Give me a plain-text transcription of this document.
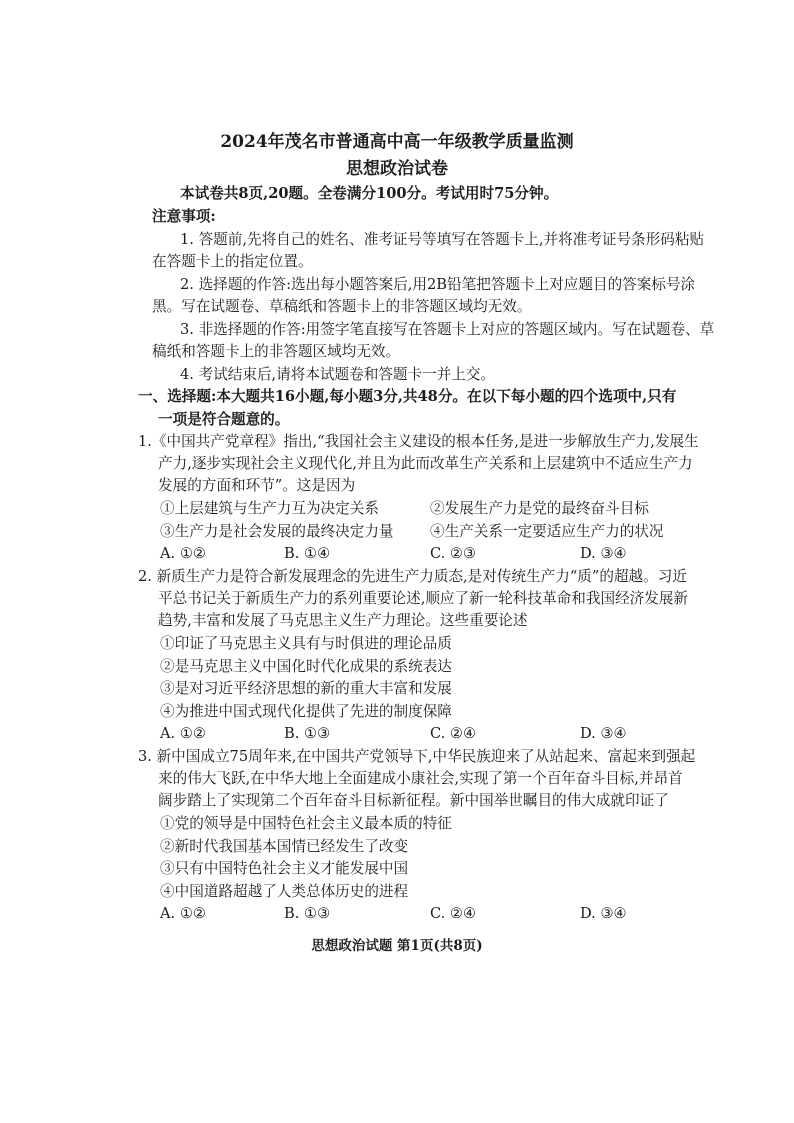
2024年茂名市普通高中高一年级教学质量监测
思想政治试卷
本试卷共8页,20题。全卷满分100分。考试用时75分钟。
注意事项:
1. 答题前,先将自己的姓名、准考证号等填写在答题卡上,并将准考证号条形码粘贴
在答题卡上的指定位置。
2. 选择题的作答:选出每小题答案后,用2B铅笔把答题卡上对应题目的答案标号涂
黑。写在试题卷、草稿纸和答题卡上的非答题区域均无效。
3. 非选择题的作答:用签字笔直接写在答题卡上对应的答题区域内。写在试题卷、草
稿纸和答题卡上的非答题区域均无效。
4. 考试结束后,请将本试题卷和答题卡一并上交。
一、选择题:本大题共16小题,每小题3分,共48分。在以下每小题的四个选项中,只有
一项是符合题意的。
1.《中国共产党章程》指出,“我国社会主义建设的根本任务,是进一步解放生产力,发展生
产力,逐步实现社会主义现代化,并且为此而改革生产关系和上层建筑中不适应生产力
发展的方面和环节”。这是因为
①上层建筑与生产力互为决定关系	②发展生产力是党的最终奋斗目标
③生产力是社会发展的最终决定力量 ④生产关系一定要适应生产力的状况
A. ①②	B. ①④	C. ②③	D. ③④
2. 新质生产力是符合新发展理念的先进生产力质态,是对传统生产力“质”的超越。习近
平总书记关于新质生产力的系列重要论述,顺应了新一轮科技革命和我国经济发展新
趋势,丰富和发展了马克思主义生产力理论。这些重要论述
①印证了马克思主义具有与时俱进的理论品质
②是马克思主义中国化时代化成果的系统表达
③是对习近平经济思想的新的重大丰富和发展
④为推进中国式现代化提供了先进的制度保障
A. ①②	B. ①③	C. ②④	D. ③④
3. 新中国成立75周年来,在中国共产党领导下,中华民族迎来了从站起来、富起来到强起
来的伟大飞跃,在中华大地上全面建成小康社会,实现了第一个百年奋斗目标,并昂首
阔步踏上了实现第二个百年奋斗目标新征程。新中国举世瞩目的伟大成就印证了
①党的领导是中国特色社会主义最本质的特征
②新时代我国基本国情已经发生了改变
③只有中国特色社会主义才能发展中国
④中国道路超越了人类总体历史的进程
A. ①②	B. ①③	C. ②④	D. ③④
思想政治试题 第1页(共8页)
